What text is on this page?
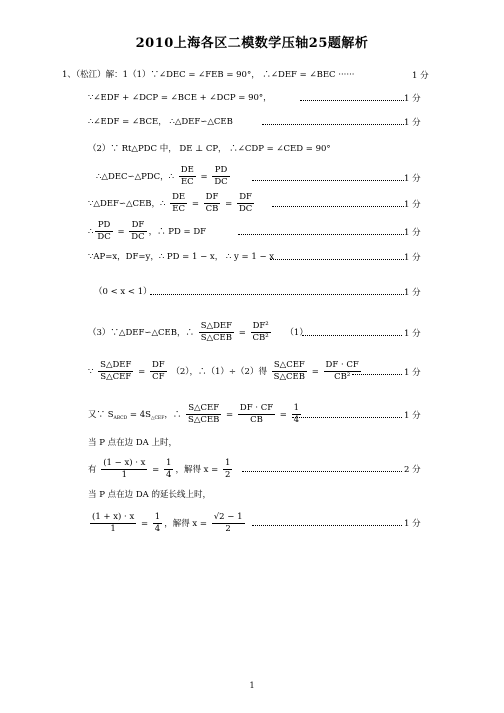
2010上海各区二模数学压轴25题解析
1、（松江）解：1（1）∵∠DEC = ∠FEB = 90°， ∴∠DEF = ∠BEC ······	1 分
∵∠EDF + ∠DCP = ∠BCE + ∠DCP = 90°，	1 分
∴∠EDF = ∠BCE， ∴△DEF∽△CEB	1 分
（2）∵ Rt△PDC 中， DE ⊥ CP， ∴∠CDP = ∠CED = 90°
∴△DEC∽△PDC，∴ $\frac{DE}{EC} = \frac{PD}{DC}$	1 分
∵△DEF∽△CEB，∴ $\frac{DE}{EC} = \frac{DF}{CB} = \frac{DF}{DC}$	1 分
∴ $\frac{PD}{DC} = \frac{DF}{DC}$ ，∴ PD = DF	1 分
∵AP=x，DF=y，∴ PD = 1 − x， ∴ y = 1 − x	1 分
（0 < x < 1）	1 分
（3）∵△DEF∽△CEB，∴ $\frac{\text{S△DEF}}{\text{S△CEB}} = \frac{\text{DF²}}{\text{CB²}} (1)$	1 分
∵ $\frac{\text{S△DEF}}{\text{S△CEF}} = \frac{DF}{CF} (2)$，∴（1）÷（2）得 $\frac{\text{S△CEF}}{\text{S△CEB}} = \frac{DF \cdot CF}{\text{CB²}}$	1 分
又∵ $S_{ABCD} = 4S_{\triangle CEF}$，∴ $\frac{\text{S△CEF}}{\text{S△CEB}} = \frac{DF \cdot CF}{CB} = \frac{1}{4}$	1 分
当 P 点在边 DA 上时，
有 $\frac{(1 - x) \cdot x}{1} = \frac{1}{4}$ ，解得 $x = \frac{1}{2}$	2 分
当 P 点在边 DA 的延长线上时，
$\frac{(1 + x) \cdot x}{1} = \frac{1}{4}$ ，解得 $x = \frac{√2 - 1}{2}$	1 分
1
